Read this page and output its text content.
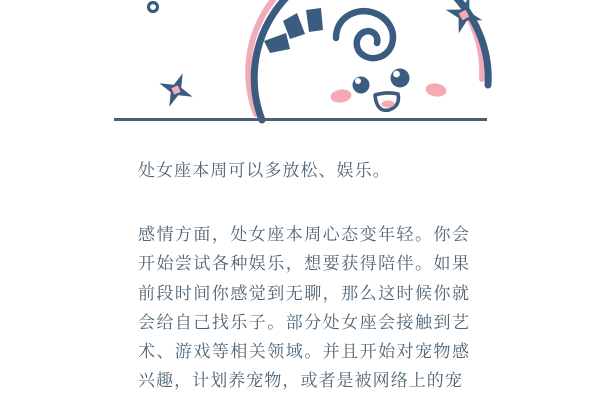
处女座本周可以多放松、娱乐。

感情方面，处女座本周心态变年轻。你会开始尝试各种娱乐，想要获得陪伴。如果前段时间你感觉到无聊，那么这时候你就会给自己找乐子。部分处女座会接触到艺术、游戏等相关领域。并且开始对宠物感兴趣，计划养宠物，或者是被网络上的宠
